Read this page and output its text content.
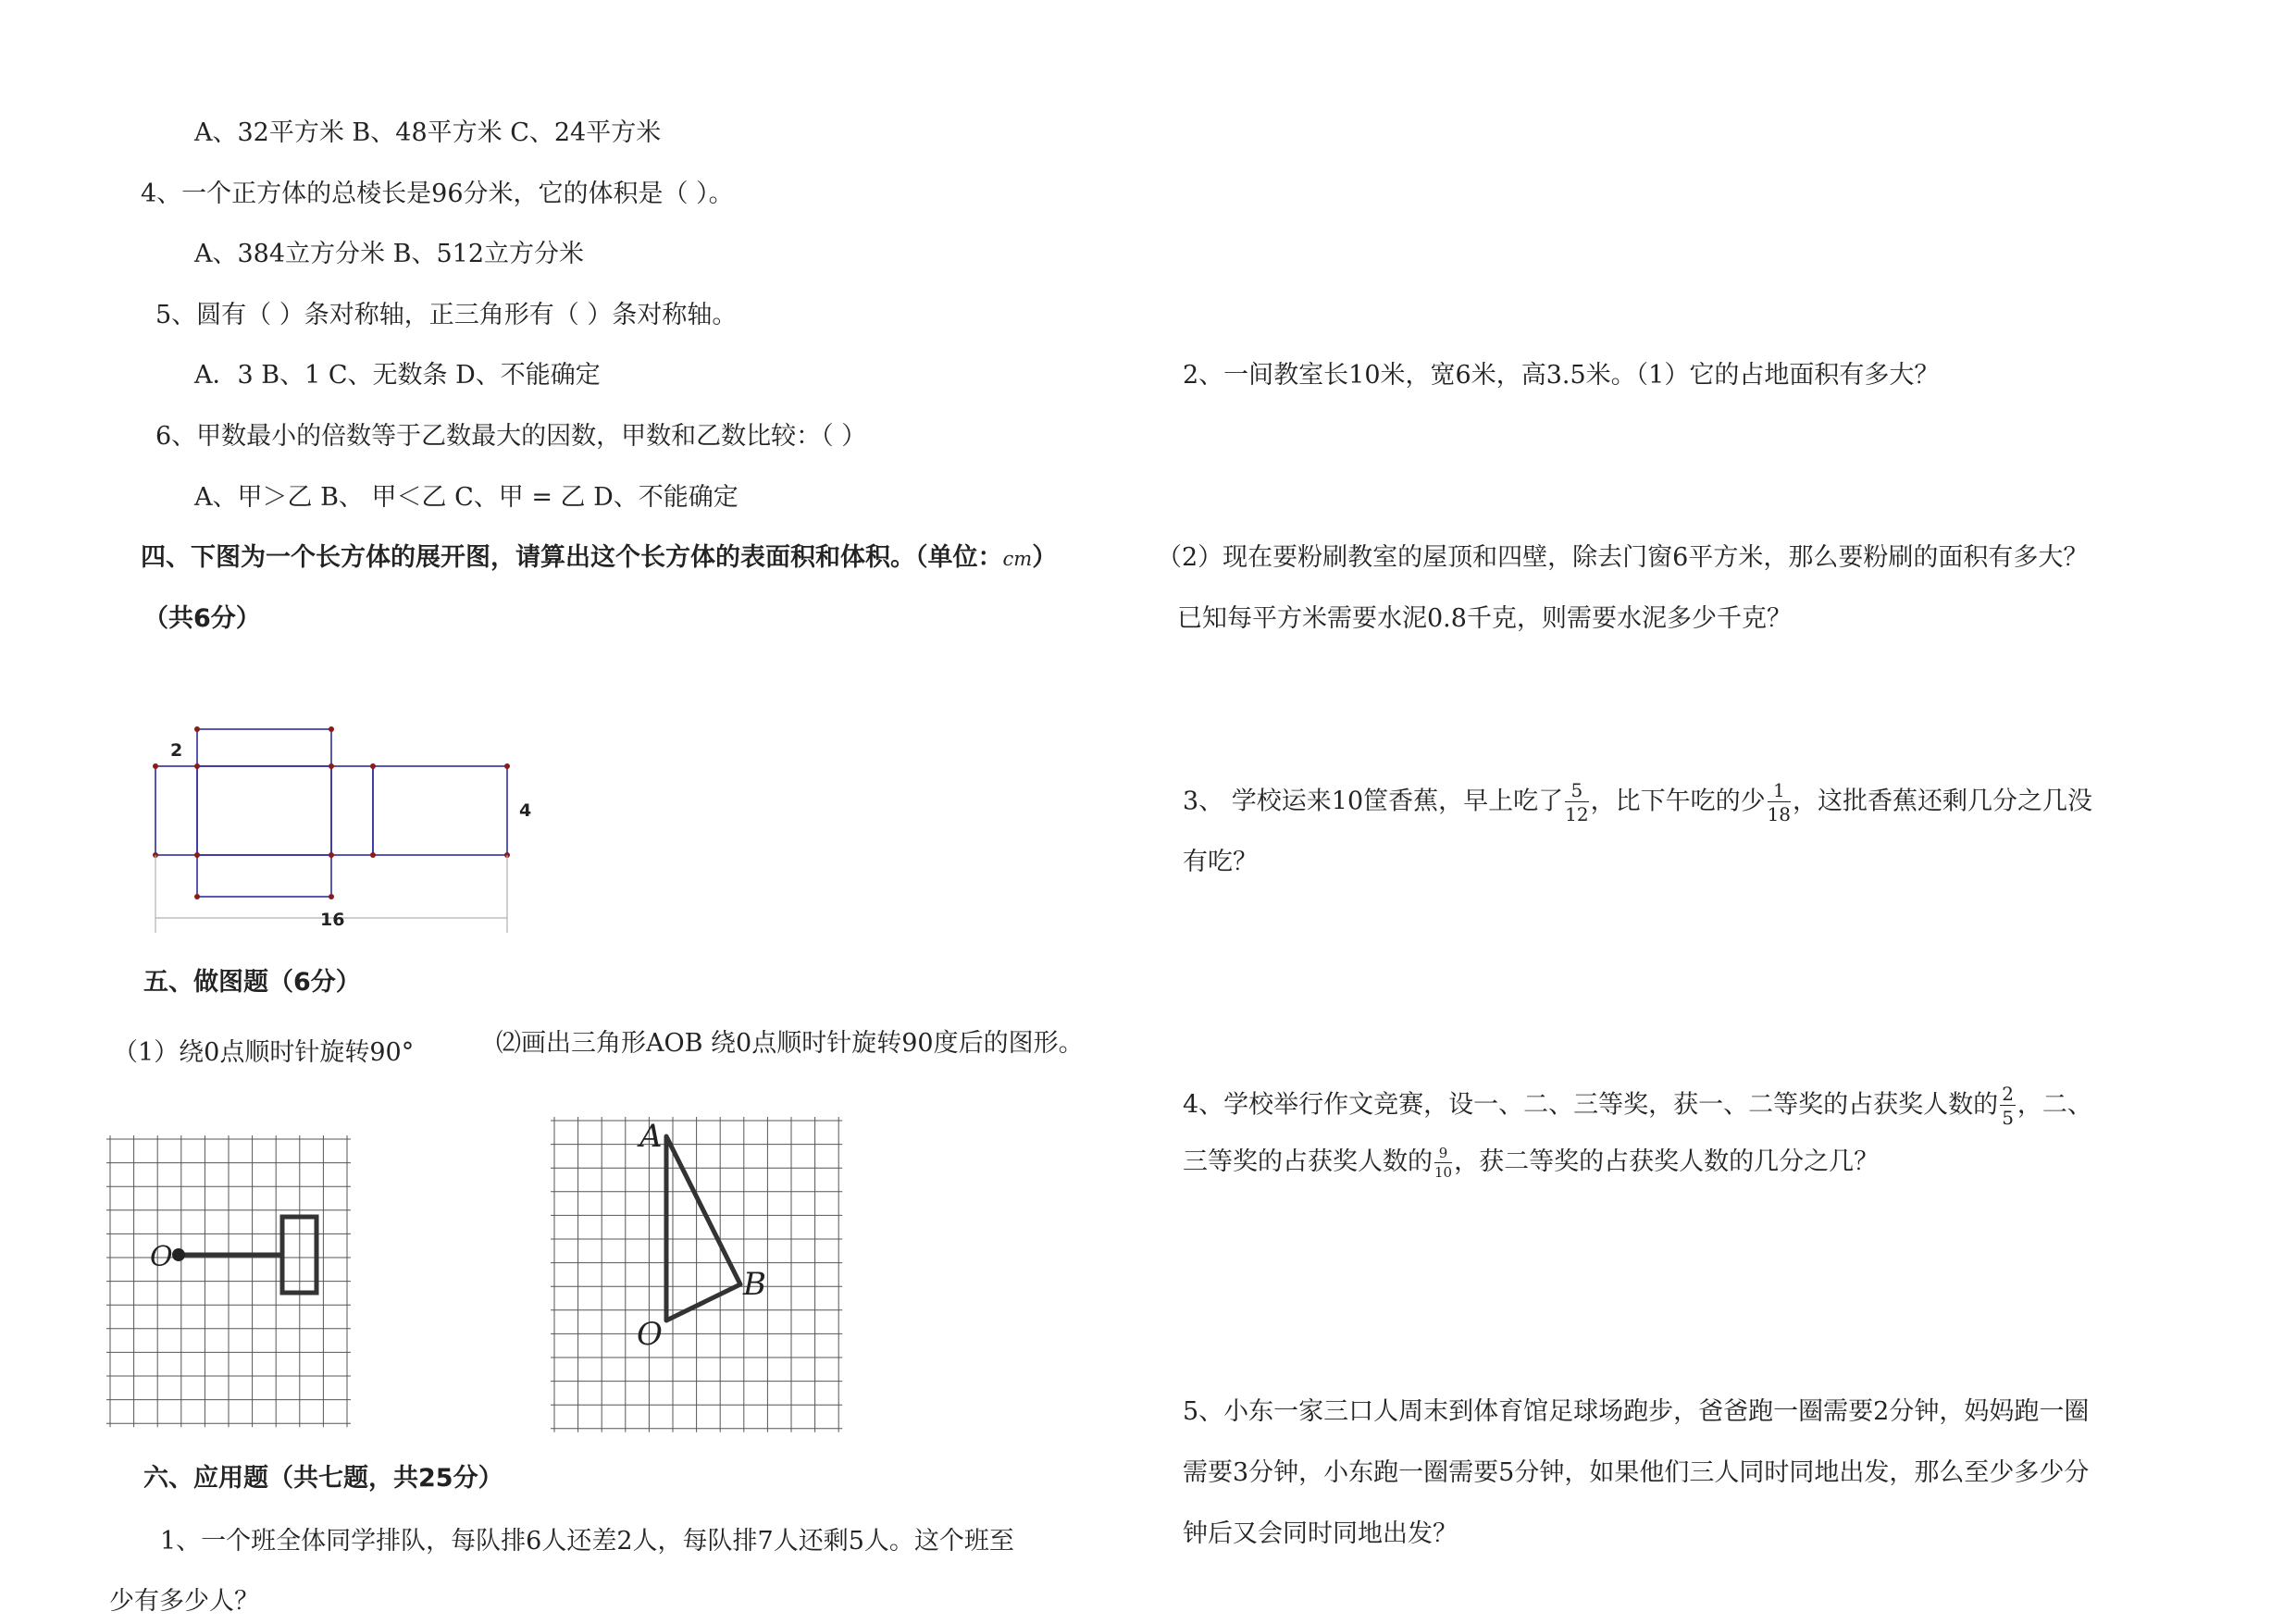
A、32平方米 B、48平方米 C、24平方米
4、一个正方体的总棱长是96分米，它的体积是（ ）。
A、384立方分米 B、512立方分米
5、圆有（ ）条对称轴，正三角形有（ ）条对称轴。
A．3 B、1 C、无数条 D、不能确定
6、甲数最小的倍数等于乙数最大的因数，甲数和乙数比较：（ ）
A、甲＞乙 B、 甲＜乙 C、甲 = 乙 D、不能确定
四、下图为一个长方体的展开图，请算出这个长方体的表面积和体积。（单位：cm）
（共6分）
2
4
16
五、做图题（6分）
（1）绕0点顺时针旋转90°	⑵画出三角形AOB 绕0点顺时针旋转90度后的图形。
O
A
B
O
六、应用题（共七题，共25分）
1、一个班全体同学排队，每队排6人还差2人，每队排7人还剩5人。这个班至
少有多少人？
2、一间教室长10米，宽6米，高3.5米。（1）它的占地面积有多大？
（2）现在要粉刷教室的屋顶和四壁，除去门窗6平方米，那么要粉刷的面积有多大？
已知每平方米需要水泥0.8千克，则需要水泥多少千克？
3、 学校运来10筐香蕉，早上吃了 $\frac{5}{12}$ ，比下午吃的少 $\frac{1}{18}$ ，这批香蕉还剩几分之几没
有吃？
4、学校举行作文竞赛，设一、二、三等奖，获一、二等奖的占获奖人数的 $\frac{2}{5}$ ，二、
三等奖的占获奖人数的 $\frac{9}{10}$ ，获二等奖的占获奖人数的几分之几？
5、小东一家三口人周末到体育馆足球场跑步，爸爸跑一圈需要2分钟，妈妈跑一圈
需要3分钟，小东跑一圈需要5分钟，如果他们三人同时同地出发，那么至少多少分
钟后又会同时同地出发？
